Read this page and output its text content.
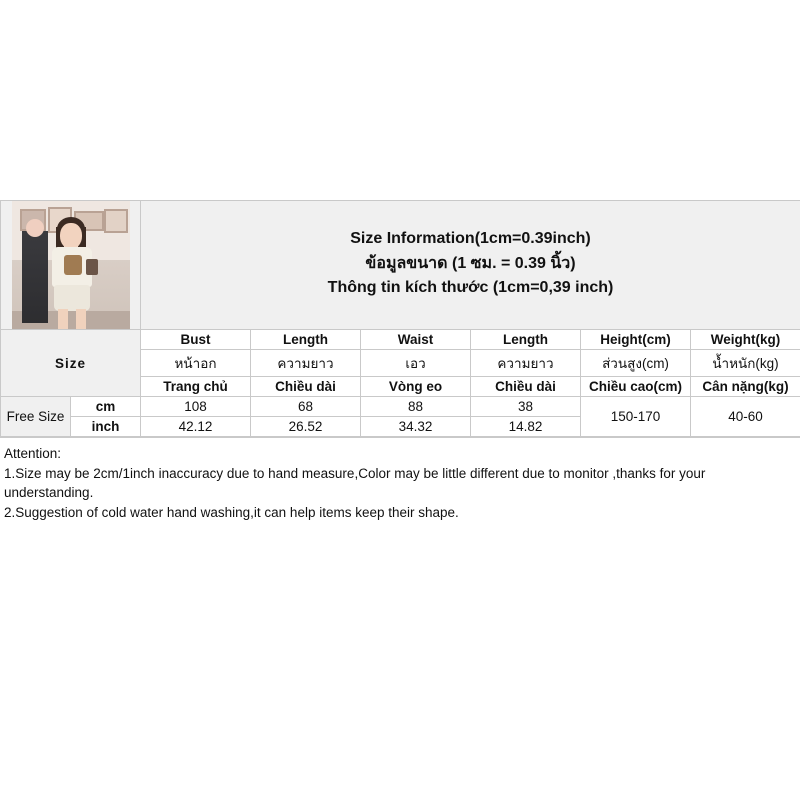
		Size Information(1cm=0.39inch)
ข้อมูลขนาด (1 ซม. = 0.39 นิ้ว)
Thông tin kích thước (1cm=0,39 inch)					

Size		Bust	Length	Waist	Length	Height(cm)	Weight(kg)
		หน้าอก	ความยาว	เอว	ความยาว	ส่วนสูง(cm)	น้ำหนัก(kg)
		Trang chủ	Chiều dài	Vòng eo	Chiều dài	Chiều cao(cm)	Cân nặng(kg)
Free Size	cm	108	68	88	38	150-170	40-60
	inch	42.12	26.52	34.32	14.82		
Attention:
1.Size may be 2cm/1inch inaccuracy due to hand measure,Color may be little different due to monitor ,thanks for your understanding.
2.Suggestion of cold water hand washing,it can help items keep their shape.
